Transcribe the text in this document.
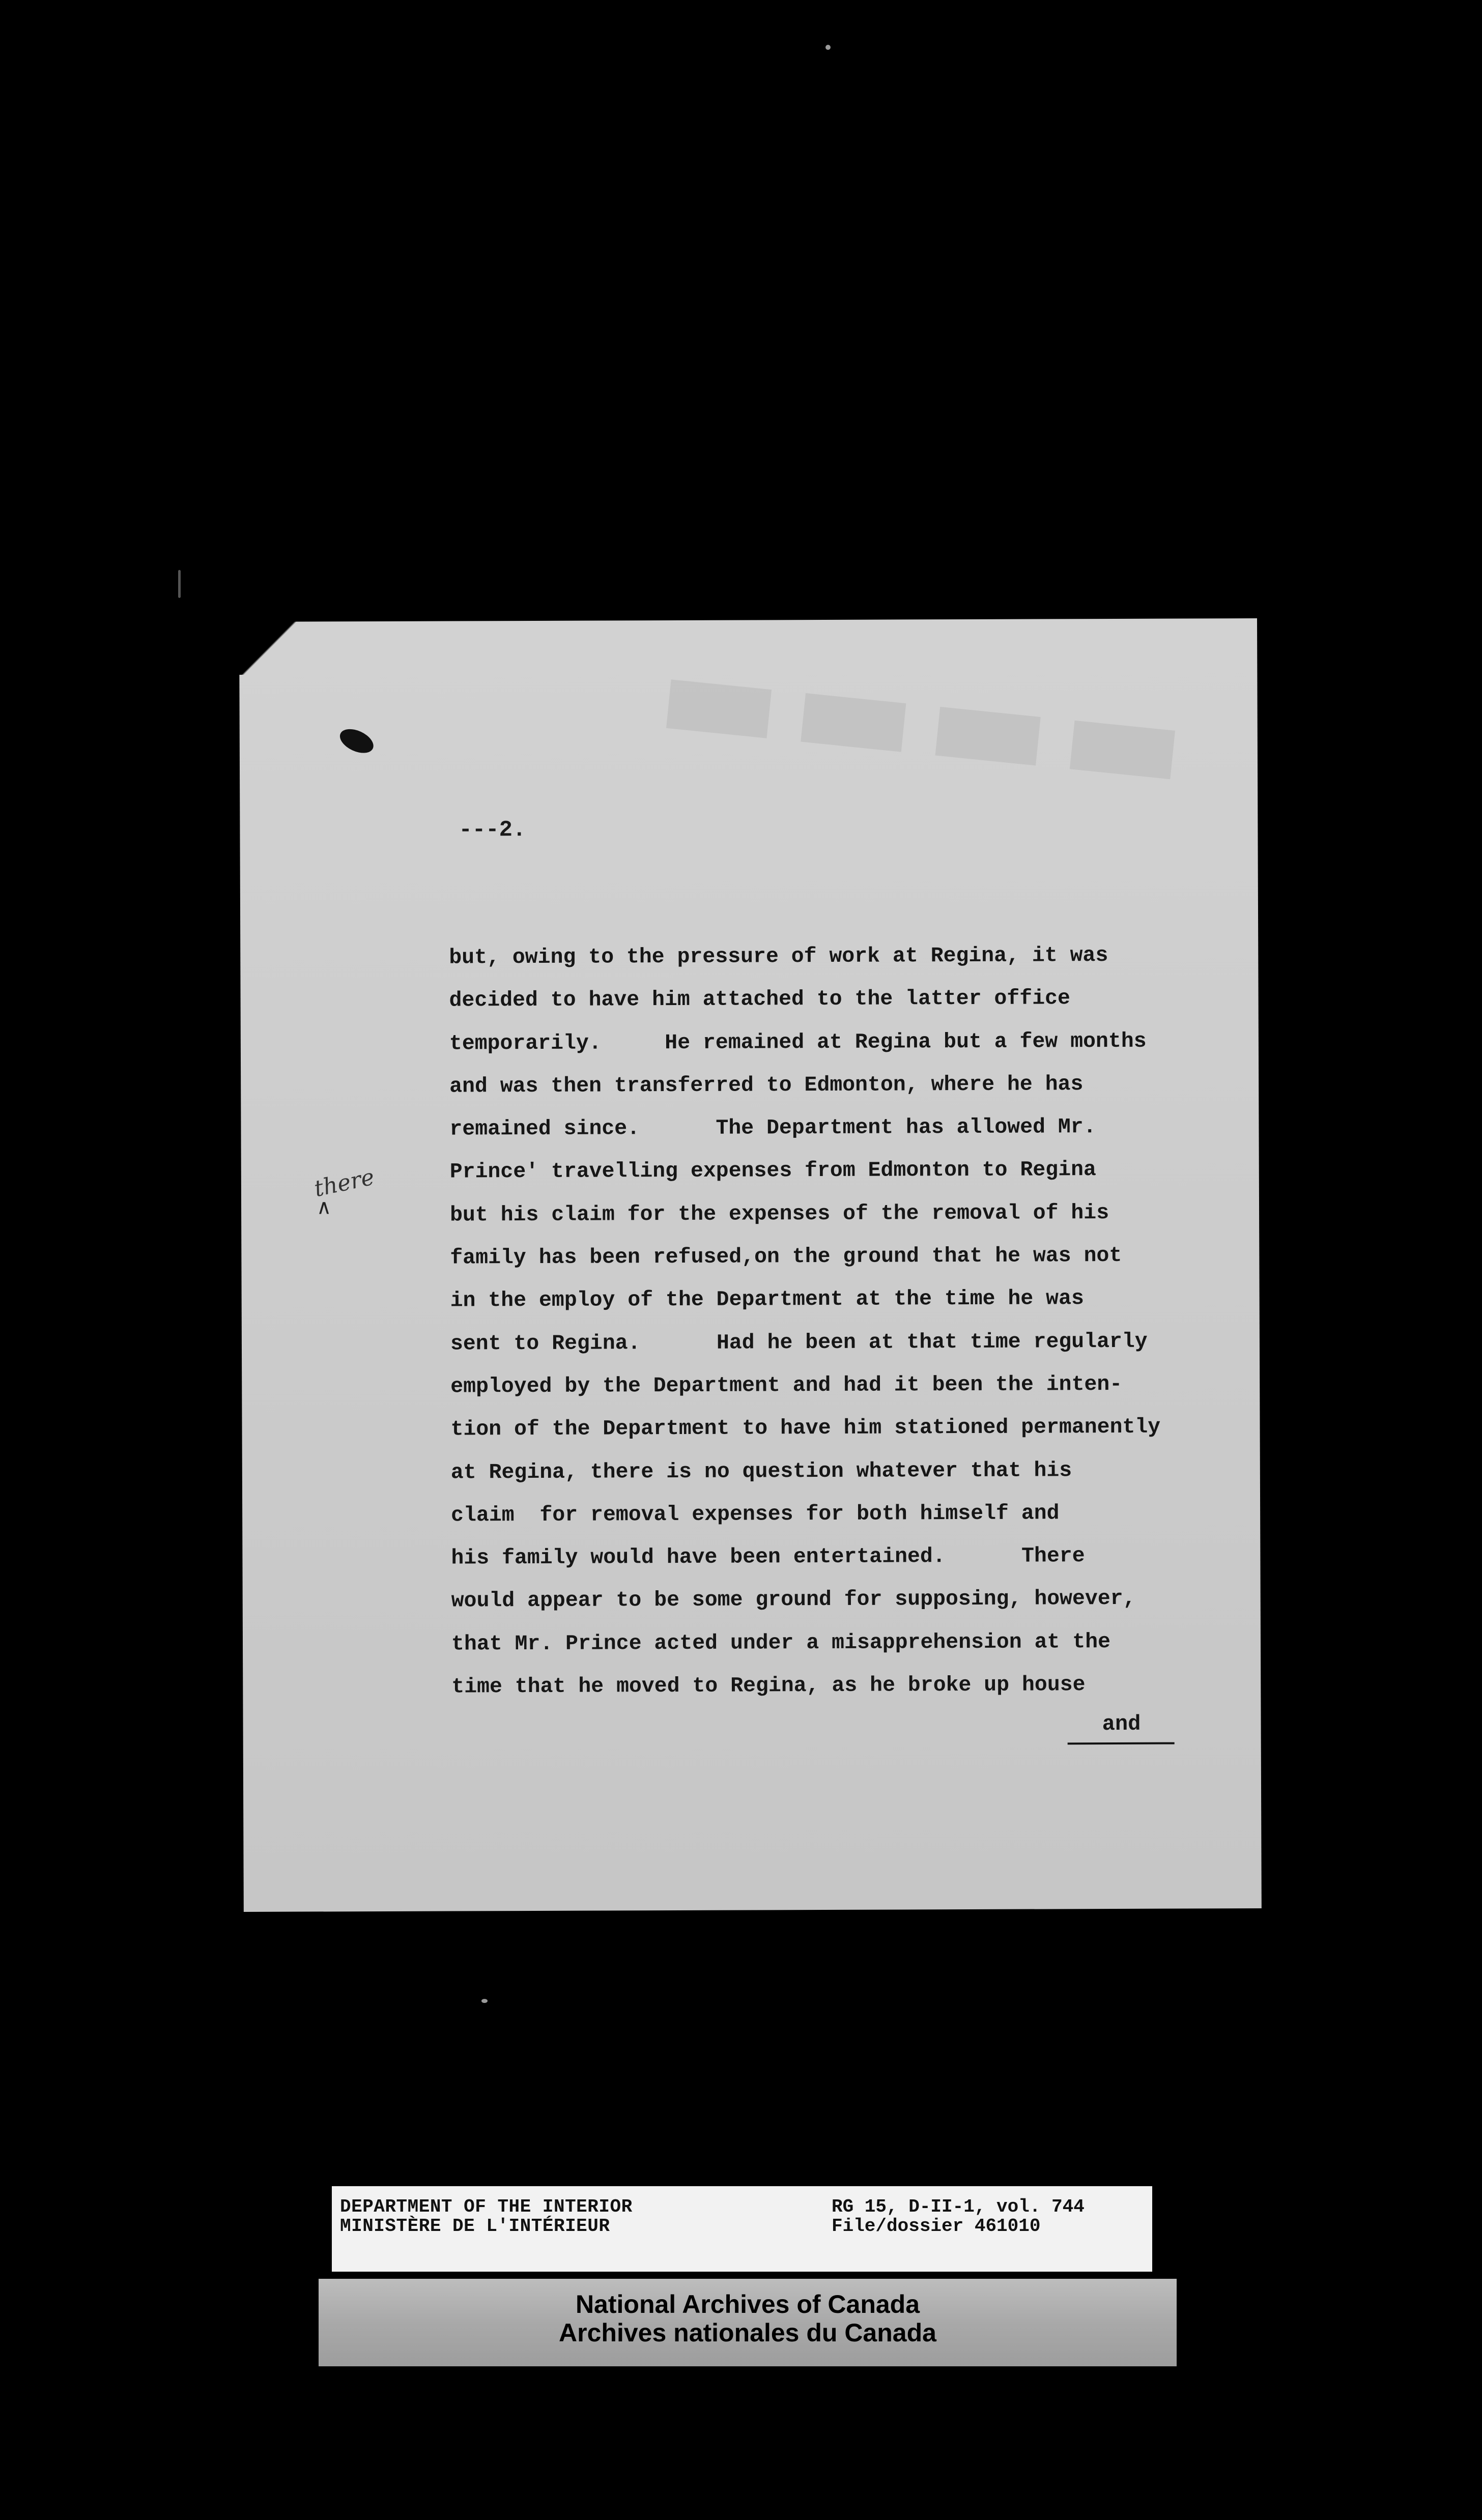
▬▬▬▬
---2.
but, owing to the pressure of work at Regina, it was
decided to have him attached to the latter office
temporarily.     He remained at Regina but a few months
and was then transferred to Edmonton, where he has
remained since.      The Department has allowed Mr.
Prince' travelling expenses from Edmonton to Regina
but his claim for the expenses of the removal of his
family has been refused,on the ground that he was not
in the employ of the Department at the time he was
sent to Regina.      Had he been at that time regularly
employed by the Department and had it been the inten-
tion of the Department to have him stationed permanently
at Regina, there is no question whatever that his
claim  for removal expenses for both himself and
his family would have been entertained.      There
would appear to be some ground for supposing, however,
that Mr. Prince acted under a misapprehension at the
time that he moved to Regina, as he broke up house
there
∧
and
DEPARTMENT OF THE INTERIOR
MINISTÈRE DE L'INTÉRIEUR
RG 15, D-II-1, vol. 744
File/dossier 461010
National Archives of Canada
Archives nationales du Canada
